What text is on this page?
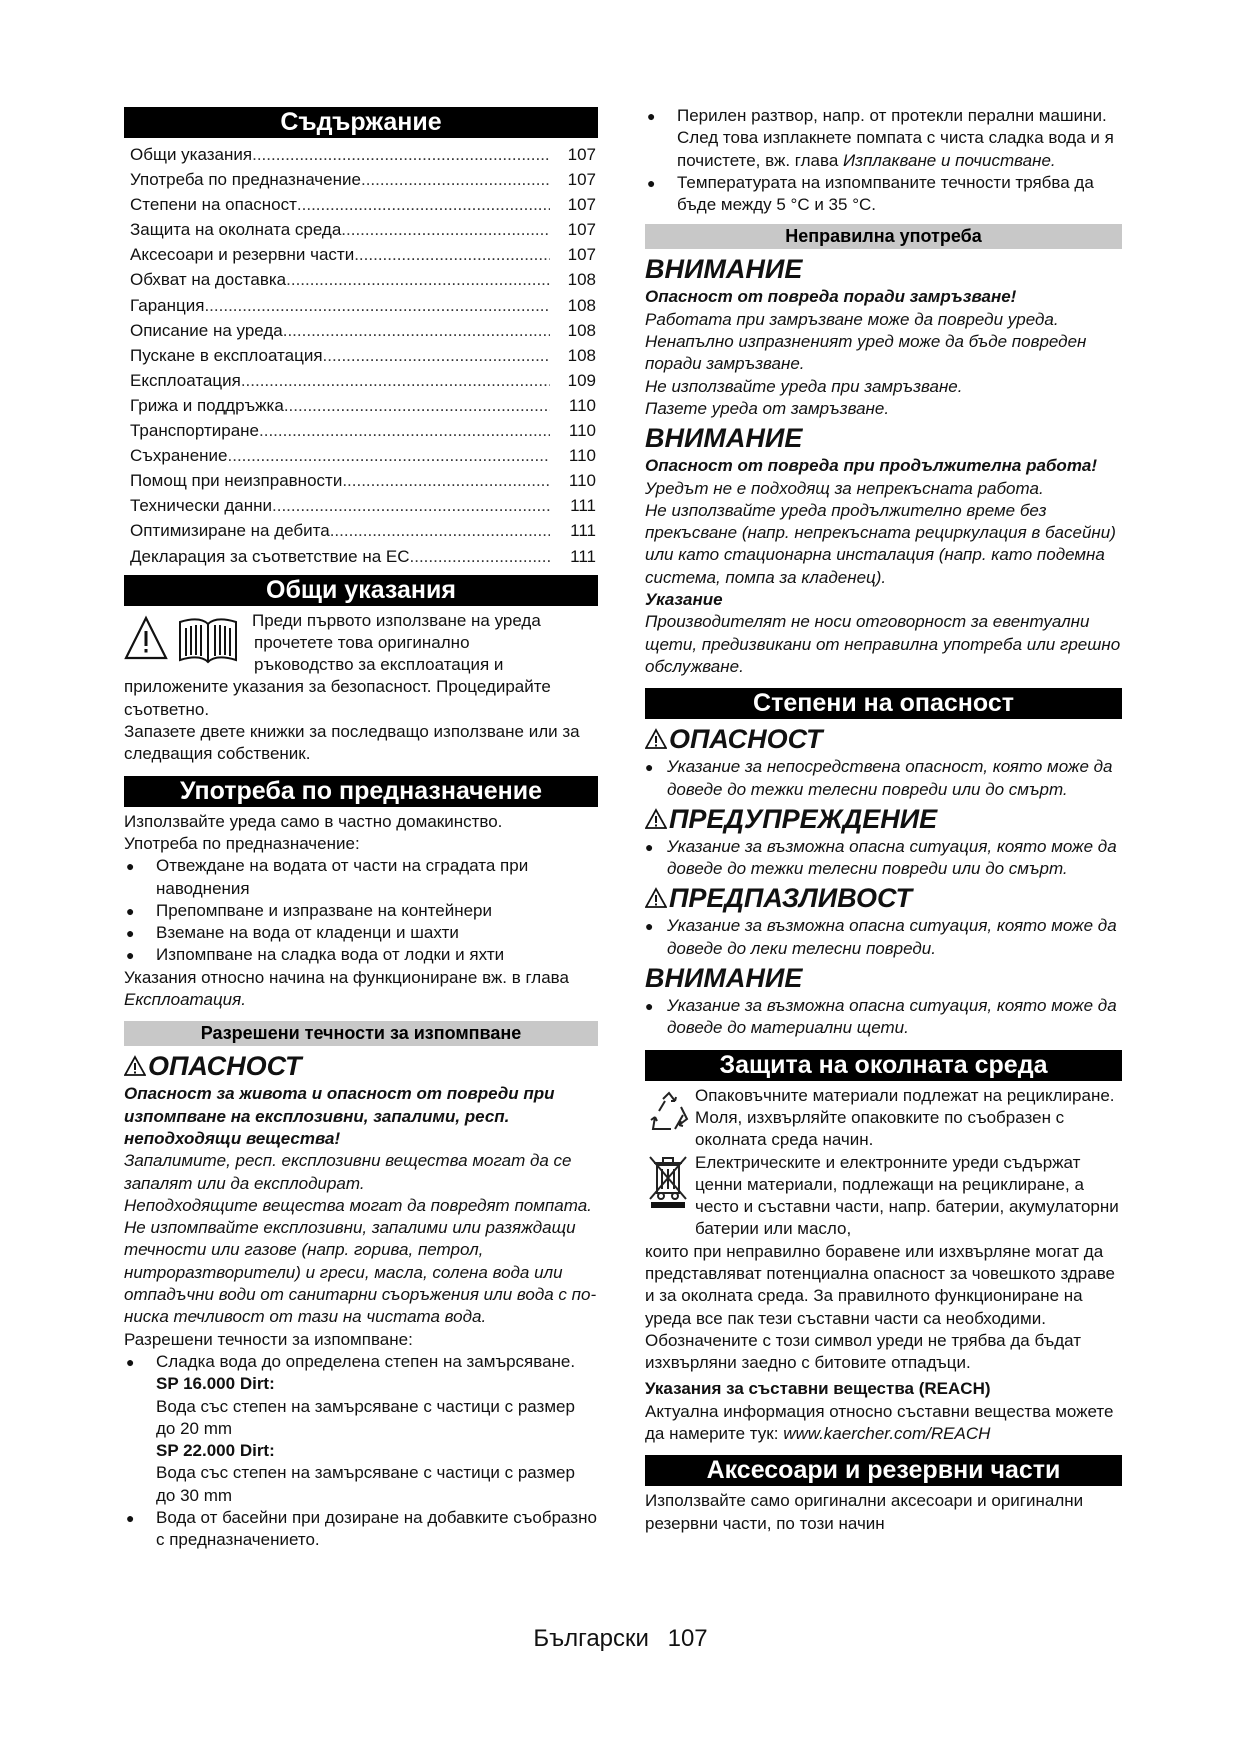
Съдържание
Общи указания .....	107
Употреба по предназначение .....	107
Степени на опасност .....	107
Защита на околната среда .....	107
Аксесоари и резервни части .....	107
Обхват на доставка .....	108
Гаранция .....	108
Описание на уреда .....	108
Пускане в експлоатация .....	108
Експлоатация .....	109
Грижа и поддръжка .....	110
Транспортиране .....	110
Съхранение .....	110
Помощ при неизправности .....	110
Технически данни .....	111
Оптимизиране на дебита .....	111
Декларация за съответствие на ЕС .....	111
Общи указания

Преди първото използване на уреда

прочетете това оригинално

ръководство за експлоатация и

приложените указания за безопасност. Процедирайте съответно.

Запазете двете книжки за последващо използване или за следващия собственик.

Употреба по предназначение

Използвайте уреда само в частно домакинство.

Употреба по предназначение:

● Отвеждане на водата от части на сградата при наводнения

● Препомпване и изпразване на контейнери

● Вземане на вода от кладенци и шахти

● Изпомпване на сладка вода от лодки и яхти

Указания относно начина на функциониране вж. в глава Експлоатация.

Разрешени течности за изпомпване
ОПАСНОСТ

Опасност за живота и опасност от повреди при изпомпване на експлозивни, запалими, респ. неподходящи вещества!

Запалимите, респ. експлозивни вещества могат да се запалят или да експлодират.

Неподходящите вещества могат да повредят помпата.

Не изпомпвайте експлозивни, запалими или разяждащи течности или газове (напр. горива, петрол, нитроразтворители) и греси, масла, солена вода или отпадъчни води от санитарни съоръжения или вода с по-ниска течливост от тази на чистата вода.

Разрешени течности за изпомпване:

● Сладка вода до определена степен на замърсяване.

SP 16.000 Dirt:

Вода със степен на замърсяване с частици с размер до 20 mm

SP 22.000 Dirt:

Вода със степен на замърсяване с частици с размер до 30 mm

● Вода от басейни при дозиране на добавките съобразно с предназначението.

● Перилен разтвор, напр. от протекли перални машини. След това изплакнете помпата с чиста сладка вода и я почистете, вж. глава Изплакване и почистване.

● Температурата на изпомпваните течности трябва да бъде между 5 °C и 35 °C.

Неправилна употреба
ВНИМАНИЕ

Опасност от повреда поради замръзване!

Работата при замръзване може да повреди уреда.

Ненапълно изпразненият уред може да бъде повреден поради замръзване.

Не използвайте уреда при замръзване.

Пазете уреда от замръзване.

ВНИМАНИЕ

Опасност от повреда при продължителна работа!

Уредът не е подходящ за непрекъсната работа.

Не използвайте уреда продължително време без прекъсване (напр. непрекъсната рециркулация в басейни) или като стационарна инсталация (напр. като подемна система, помпа за кладенец).

Указание

Производителят не носи отговорност за евентуални щети, предизвикани от неправилна употреба или грешно обслужване.

Степени на опасност
ОПАСНОСТ

● Указание за непосредствена опасност, която може да доведе до тежки телесни повреди или до смърт.

ПРЕДУПРЕЖДЕНИЕ

● Указание за възможна опасна ситуация, която може да доведе до тежки телесни повреди или до смърт.

ПРЕДПАЗЛИВОСТ

● Указание за възможна опасна ситуация, която може да доведе до леки телесни повреди.

ВНИМАНИЕ

● Указание за възможна опасна ситуация, която може да доведе до материални щети.

Защита на околната среда

Опаковъчните материали подлежат на рециклиране. Моля, изхвърляйте опаковките по съобразен с околната среда начин.

Електрическите и електронните уреди съдържат ценни материали, подлежащи на рециклиране, а често и съставни части, напр. батерии, акумулаторни батерии или масло,

които при неправилно боравене или изхвърляне могат да представляват потенциална опасност за човешкото здраве и за околната среда. За правилното функциониране на уреда все пак тези съставни части са необходими. Обозначените с този символ уреди не трябва да бъдат изхвърляни заедно с битовите отпадъци.

Указания за съставни вещества (REACH)

Актуална информация относно съставни вещества можете да намерите тук: www.kaercher.com/REACH

Аксесоари и резервни части

Използвайте само оригинални аксесоари и оригинални резервни части, по този начин

Български 107
